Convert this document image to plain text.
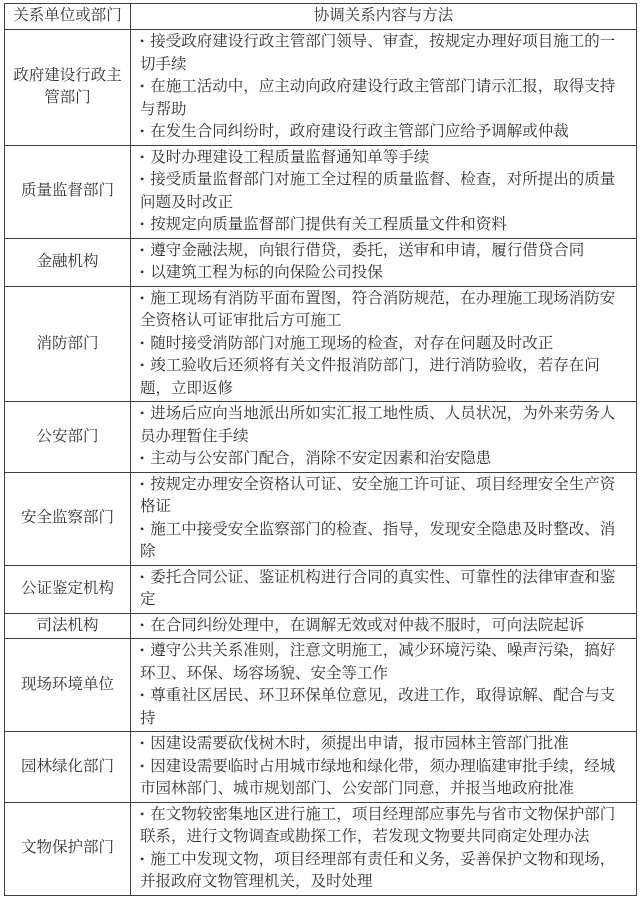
关系单位或部门	协调关系内容与方法
政府建设行政主管部门	• 接受政府建设行政主管部门领导、审查，按规定办理好项目施工的一切手续
• 在施工活动中，应主动向政府建设行政主管部门请示汇报，取得支持与帮助
• 在发生合同纠纷时，政府建设行政主管部门应给予调解或仲裁

质量监督部门	• 及时办理建设工程质量监督通知单等手续
• 接受质量监督部门对施工全过程的质量监督、检查，对所提出的质量问题及时改正
• 按规定向质量监督部门提供有关工程质量文件和资料

金融机构	• 遵守金融法规，向银行借贷，委托，送审和申请，履行借贷合同
• 以建筑工程为标的向保险公司投保

消防部门	• 施工现场有消防平面布置图，符合消防规范，在办理施工现场消防安全资格认可证审批后方可施工
• 随时接受消防部门对施工现场的检查，对存在问题及时改正
• 竣工验收后还须将有关文件报消防部门，进行消防验收，若存在问题，立即返修

公安部门	• 进场后应向当地派出所如实汇报工地性质、人员状况，为外来劳务人员办理暂住手续
• 主动与公安部门配合，消除不安定因素和治安隐患

安全监察部门	• 按规定办理安全资格认可证、安全施工许可证、项目经理安全生产资格证
• 施工中接受安全监察部门的检查、指导，发现安全隐患及时整改、消除

公证鉴定机构	• 委托合同公证、鉴证机构进行合同的真实性、可靠性的法律审查和鉴定

司法机构	• 在合同纠纷处理中，在调解无效或对仲裁不服时，可向法院起诉

现场环境单位	• 遵守公共关系准则，注意文明施工，减少环境污染、噪声污染，搞好环卫、环保、场容场貌、安全等工作
• 尊重社区居民、环卫环保单位意见，改进工作，取得谅解、配合与支持

园林绿化部门	• 因建设需要砍伐树木时，须提出申请，报市园林主管部门批准
• 因建设需要临时占用城市绿地和绿化带，须办理临建审批手续，经城市园林部门、城市规划部门、公安部门同意，并报当地政府批准

文物保护部门	• 在文物较密集地区进行施工，项目经理部应事先与省市文物保护部门联系，进行文物调查或勘探工作，若发现文物要共同商定处理办法
• 施工中发现文物，项目经理部有责任和义务，妥善保护文物和现场，并报政府文物管理机关，及时处理
